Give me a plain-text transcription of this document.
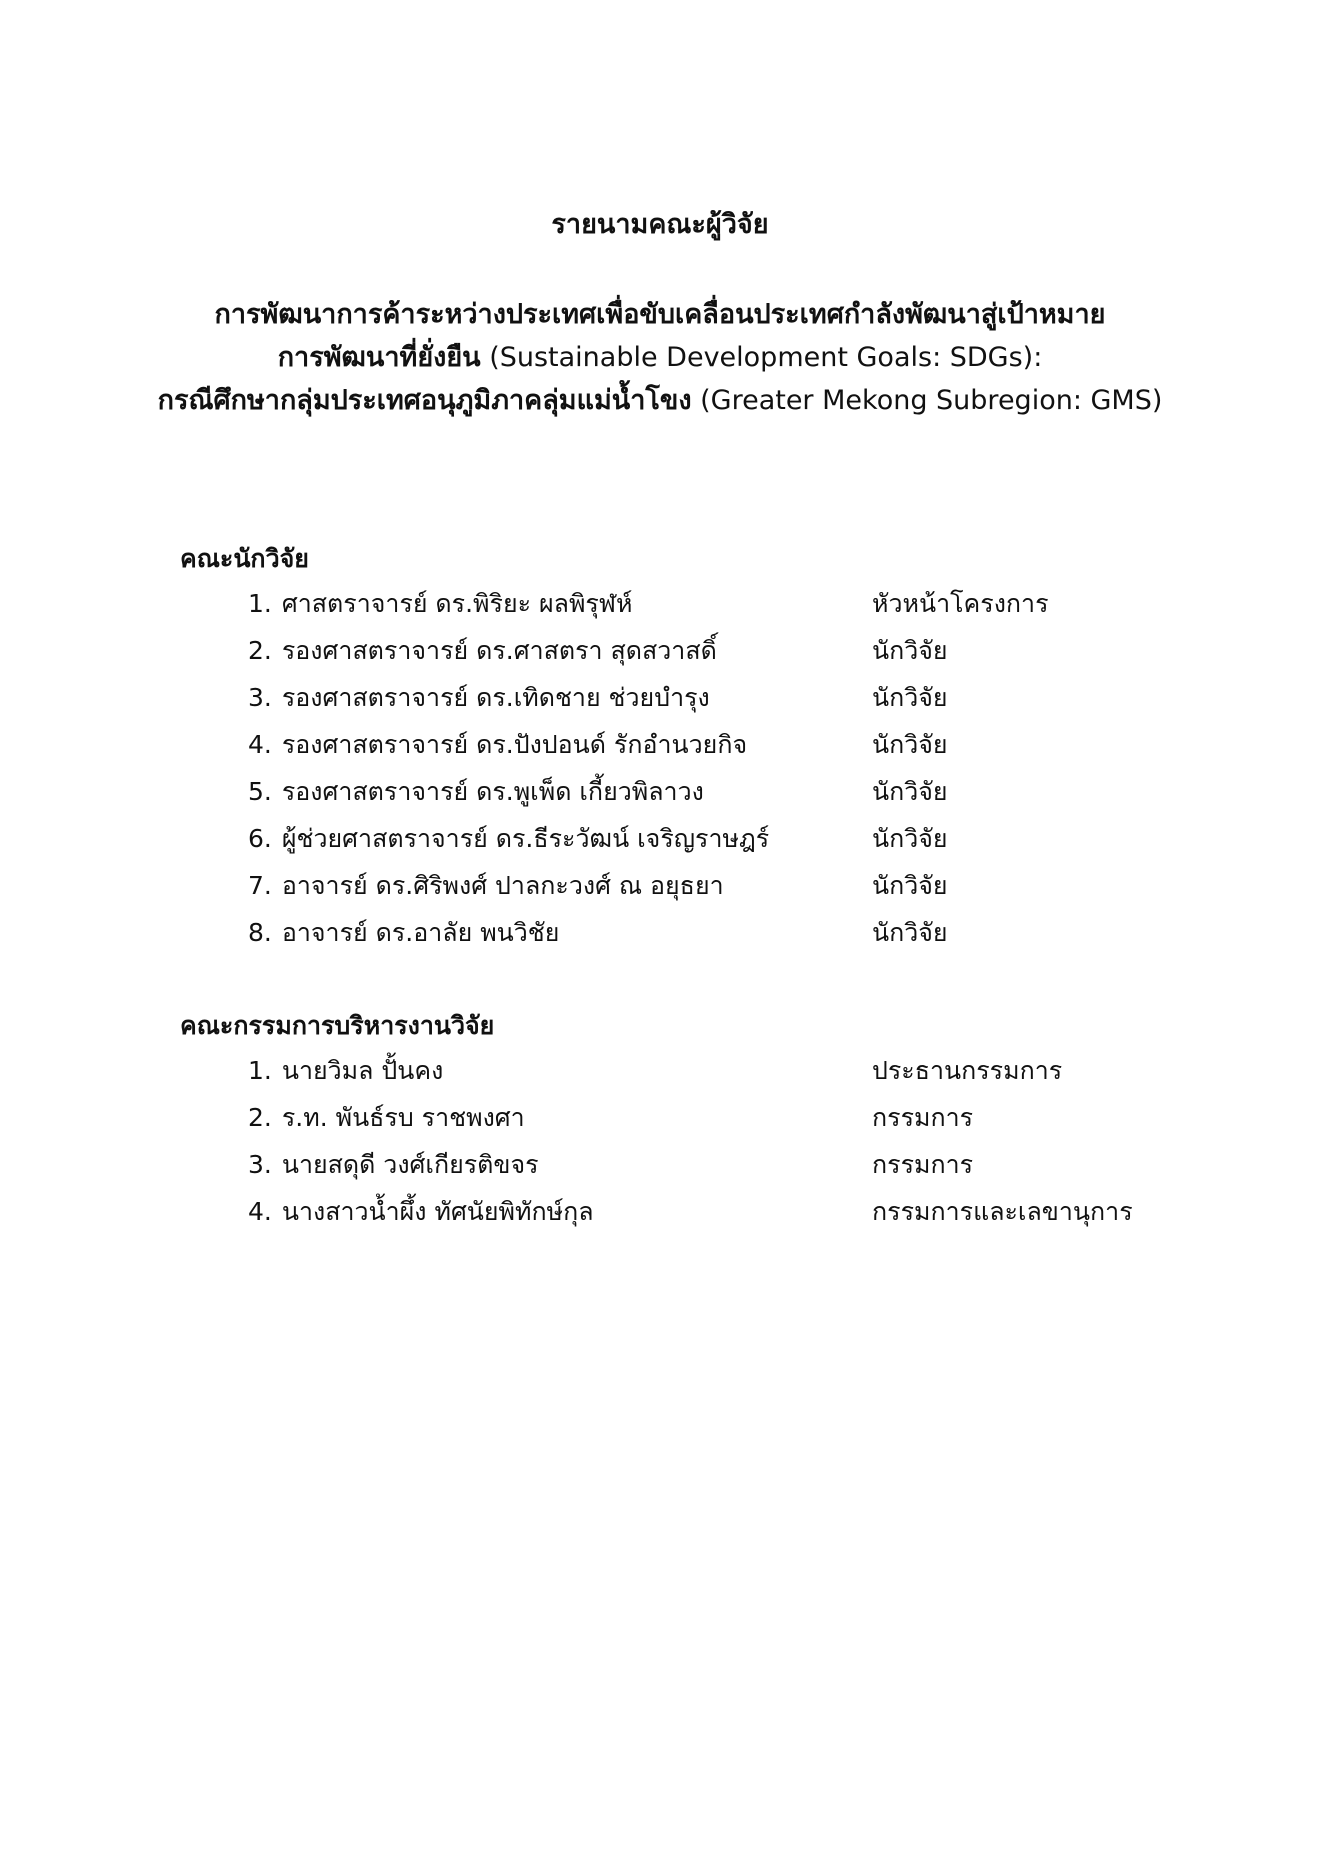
รายนามคณะผู้วิจัย
การพัฒนาการค้าระหว่างประเทศเพื่อขับเคลื่อนประเทศกำลังพัฒนาสู่เป้าหมาย
การพัฒนาที่ยั่งยืน (Sustainable Development Goals: SDGs):
กรณีศึกษากลุ่มประเทศอนุภูมิภาคลุ่มแม่น้ำโขง (Greater Mekong Subregion: GMS)
คณะนักวิจัย
1. ศาสตราจารย์ ดร.พิริยะ ผลพิรุฬห์	หัวหน้าโครงการ
2. รองศาสตราจารย์ ดร.ศาสตรา สุดสวาสดิ์	นักวิจัย
3. รองศาสตราจารย์ ดร.เทิดชาย ช่วยบำรุง	นักวิจัย
4. รองศาสตราจารย์ ดร.ปังปอนด์ รักอำนวยกิจ	นักวิจัย
5. รองศาสตราจารย์ ดร.พูเพ็ด เกี้ยวพิลาวง	นักวิจัย
6. ผู้ช่วยศาสตราจารย์ ดร.ธีระวัฒน์ เจริญราษฎร์	นักวิจัย
7. อาจารย์ ดร.ศิริพงศ์ ปาลกะวงศ์ ณ อยุธยา	นักวิจัย
8. อาจารย์ ดร.อาลัย พนวิชัย	นักวิจัย
คณะกรรมการบริหารงานวิจัย
1. นายวิมล ปั้นคง	ประธานกรรมการ
2. ร.ท. พันธ์รบ ราชพงศา	กรรมการ
3. นายสดุดี วงศ์เกียรติขจร	กรรมการ
4. นางสาวน้ำผึ้ง ทัศนัยพิทักษ์กุล	กรรมการและเลขานุการ
